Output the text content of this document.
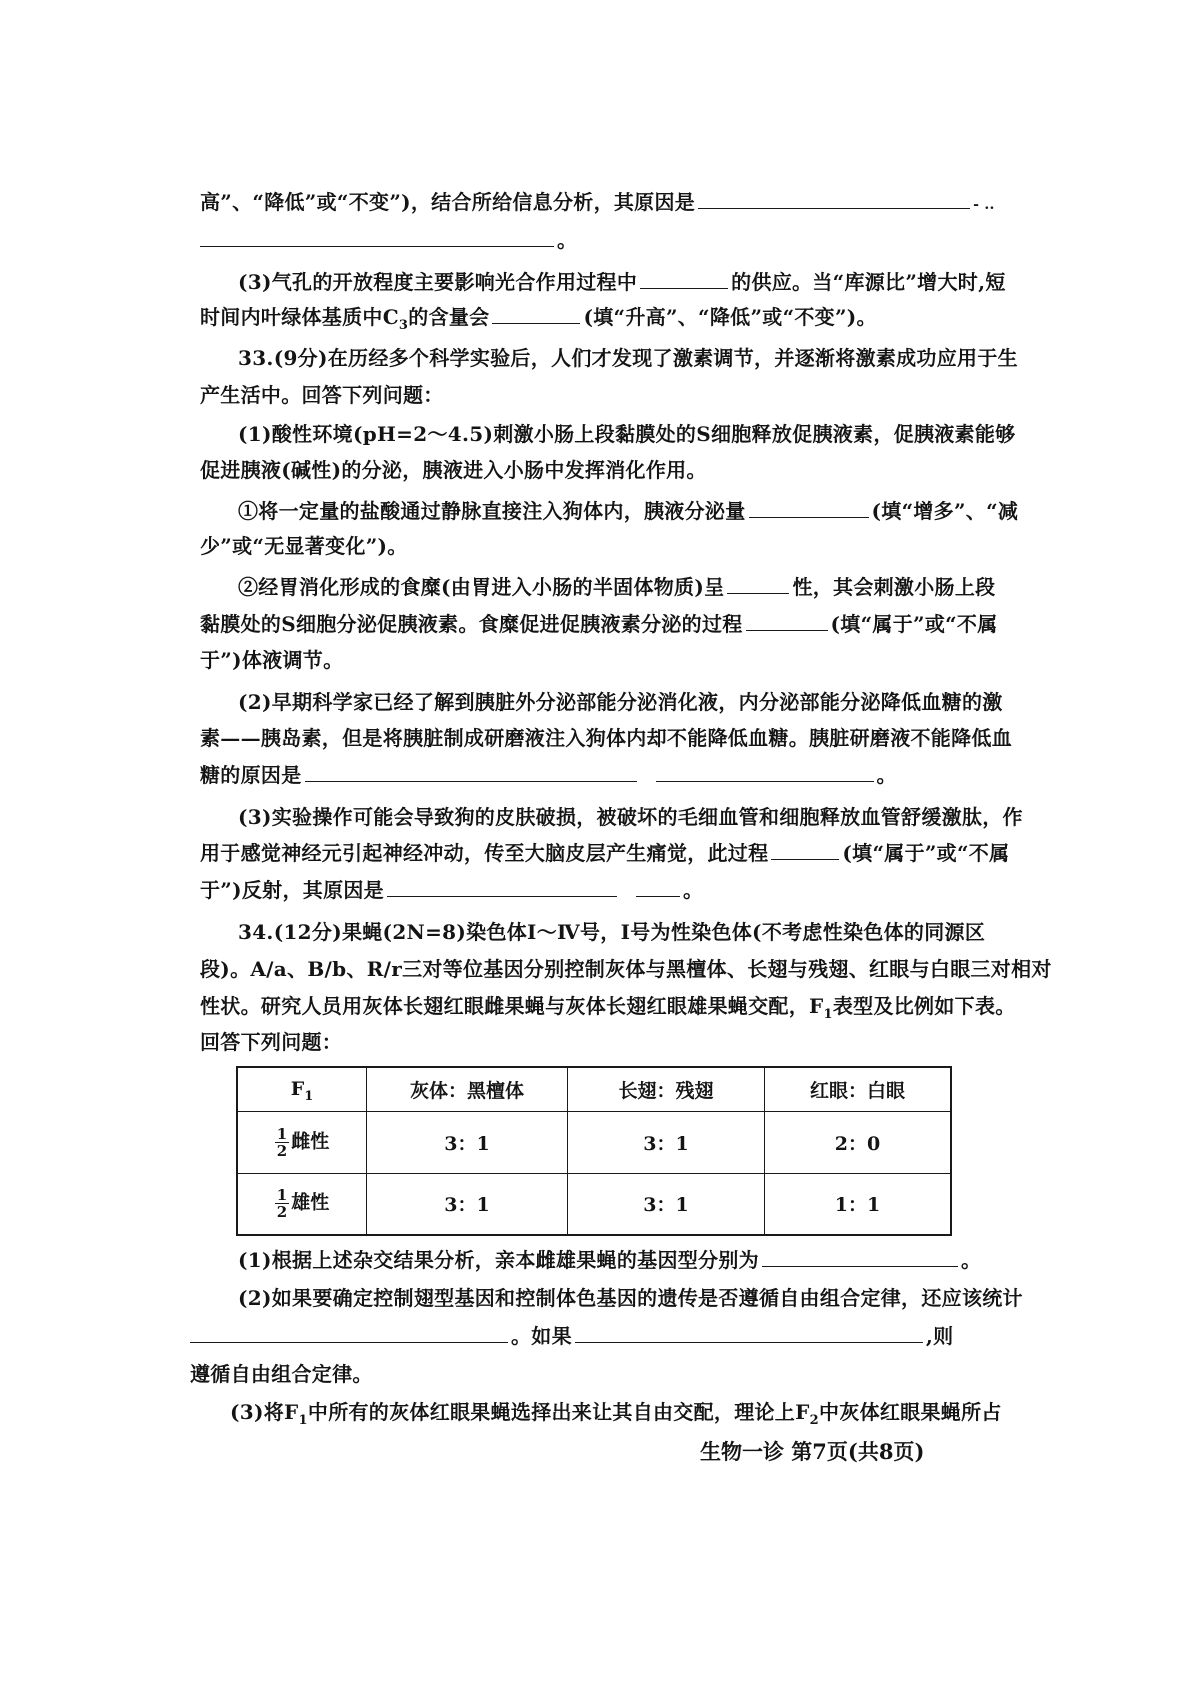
高”、“降低”或“不变”)，结合所给信息分析，其原因是	- ..
。
(3)气孔的开放程度主要影响光合作用过程中	的供应。当“库源比”增大时,短
时间内叶绿体基质中$C_3$的含量会	(填“升高”、“降低”或“不变”)。
33.(9分)在历经多个科学实验后，人们才发现了激素调节，并逐渐将激素成功应用于生
产生活中。回答下列问题：
(1)酸性环境(pH=2～4.5)刺激小肠上段黏膜处的S细胞释放促胰液素，促胰液素能够
促进胰液(碱性)的分泌，胰液进入小肠中发挥消化作用。
①将一定量的盐酸通过静脉直接注入狗体内，胰液分泌量	(填“增多”、“减
少”或“无显著变化”)。
②经胃消化形成的食糜(由胃进入小肠的半固体物质)呈	性，其会刺激小肠上段
黏膜处的S细胞分泌促胰液素。食糜促进促胰液素分泌的过程	(填“属于”或“不属
于”)体液调节。
(2)早期科学家已经了解到胰脏外分泌部能分泌消化液，内分泌部能分泌降低血糖的激
素——胰岛素，但是将胰脏制成研磨液注入狗体内却不能降低血糖。胰脏研磨液不能降低血
糖的原因是	。
(3)实验操作可能会导致狗的皮肤破损，被破坏的毛细血管和细胞释放血管舒缓激肽，作
用于感觉神经元引起神经冲动，传至大脑皮层产生痛觉，此过程	(填“属于”或“不属
于”)反射，其原因是	。
34.(12分)果蝇(2N=8)染色体Ⅰ～Ⅳ号，Ⅰ号为性染色体(不考虑性染色体的同源区
段)。A/a、B/b、R/r三对等位基因分别控制灰体与黑檀体、长翅与残翅、红眼与白眼三对相对
性状。研究人员用灰体长翅红眼雌果蝇与灰体长翅红眼雄果蝇交配，$F_1$表型及比例如下表。
回答下列问题：
$F_1$	灰体：黑檀体	长翅：残翅	红眼：白眼

$\frac{1}{2}$ 雌性	3：1	3：1	2：0

$\frac{1}{2}$ 雄性	3：1	3：1	1：1
(1)根据上述杂交结果分析，亲本雌雄果蝇的基因型分别为	。
(2)如果要确定控制翅型基因和控制体色基因的遗传是否遵循自由组合定律，还应该统计
。如果	,则
遵循自由组合定律。
(3)将$F_1$中所有的灰体红眼果蝇选择出来让其自由交配，理论上$F_2$中灰体红眼果蝇所占
生物一诊 第7页(共8页)
